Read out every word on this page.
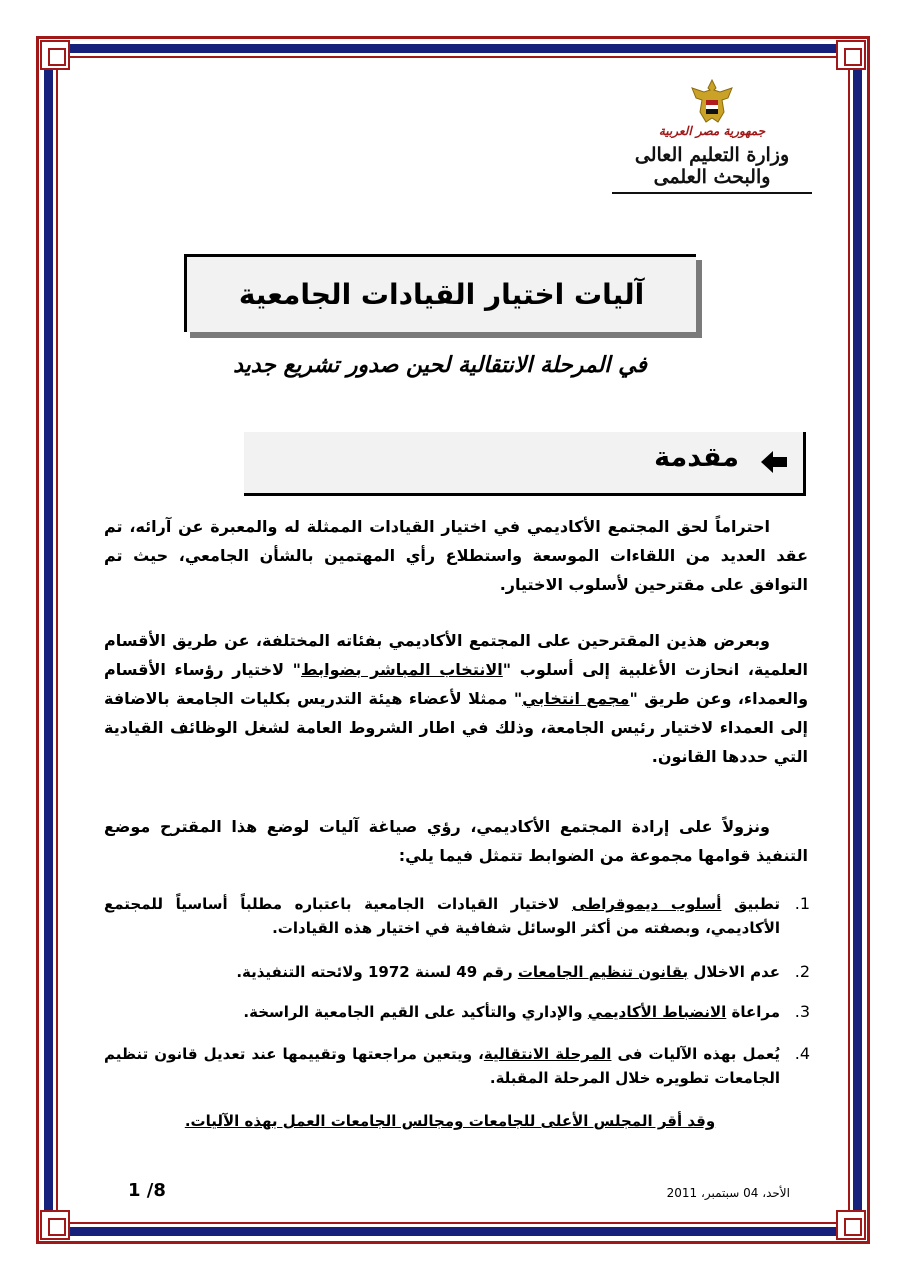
جمهورية مصر العربية
وزارة التعليم العالى والبحث العلمى
آليات اختيار القيادات الجامعية
في المرحلة الانتقالية لحين صدور تشريع جديد
مقدمة

احتراماً لحق المجتمع الأكاديمي في اختيار القيادات الممثلة له والمعبرة عن آرائه، تم عقد العديد من اللقاءات الموسعة واستطلاع رأي المهتمين بالشأن الجامعي، حيث تم التوافق على مقترحين لأسلوب الاختيار.

وبعرض هذين المقترحين على المجتمع الأكاديمي بفئاته المختلفة، عن طريق الأقسام العلمية، انحازت الأغلبية إلى أسلوب "الانتخاب المباشر بضوابط" لاختيار رؤساء الأقسام والعمداء، وعن طريق "مجمع انتخابي" ممثلا لأعضاء هيئة التدريس بكليات الجامعة بالاضافة إلى العمداء لاختيار رئيس الجامعة، وذلك في اطار الشروط العامة لشغل الوظائف القيادية التي حددها القانون.

ونزولاً على إرادة المجتمع الأكاديمي، رؤي صياغة آليات لوضع هذا المقترح موضع التنفيذ قوامها مجموعة من الضوابط تتمثل فيما يلي:

1.
تطبيق أسلوب ديموقراطى لاختيار القيادات الجامعية باعتباره مطلباً أساسياً للمجتمع الأكاديمي، وبصفته من أكثر الوسائل شفافية في اختيار هذه القيادات.
2.
عدم الاخلال بقانون تنظيم الجامعات رقم 49 لسنة 1972 ولائحته التنفيذية.
3.
مراعاة الانضباط الأكاديمي والإداري والتأكيد على القيم الجامعية الراسخة.
4.
يُعمل بهذه الآليات فى المرحلة الانتقالية، ويتعين مراجعتها وتقييمها عند تعديل قانون تنظيم الجامعات تطويره خلال المرحلة المقبلة.
وقد أقر المجلس الأعلى للجامعات ومجالس الجامعات العمل بهذه الآليات.
1 /8	الأحد، 04 سبتمبر، 2011
